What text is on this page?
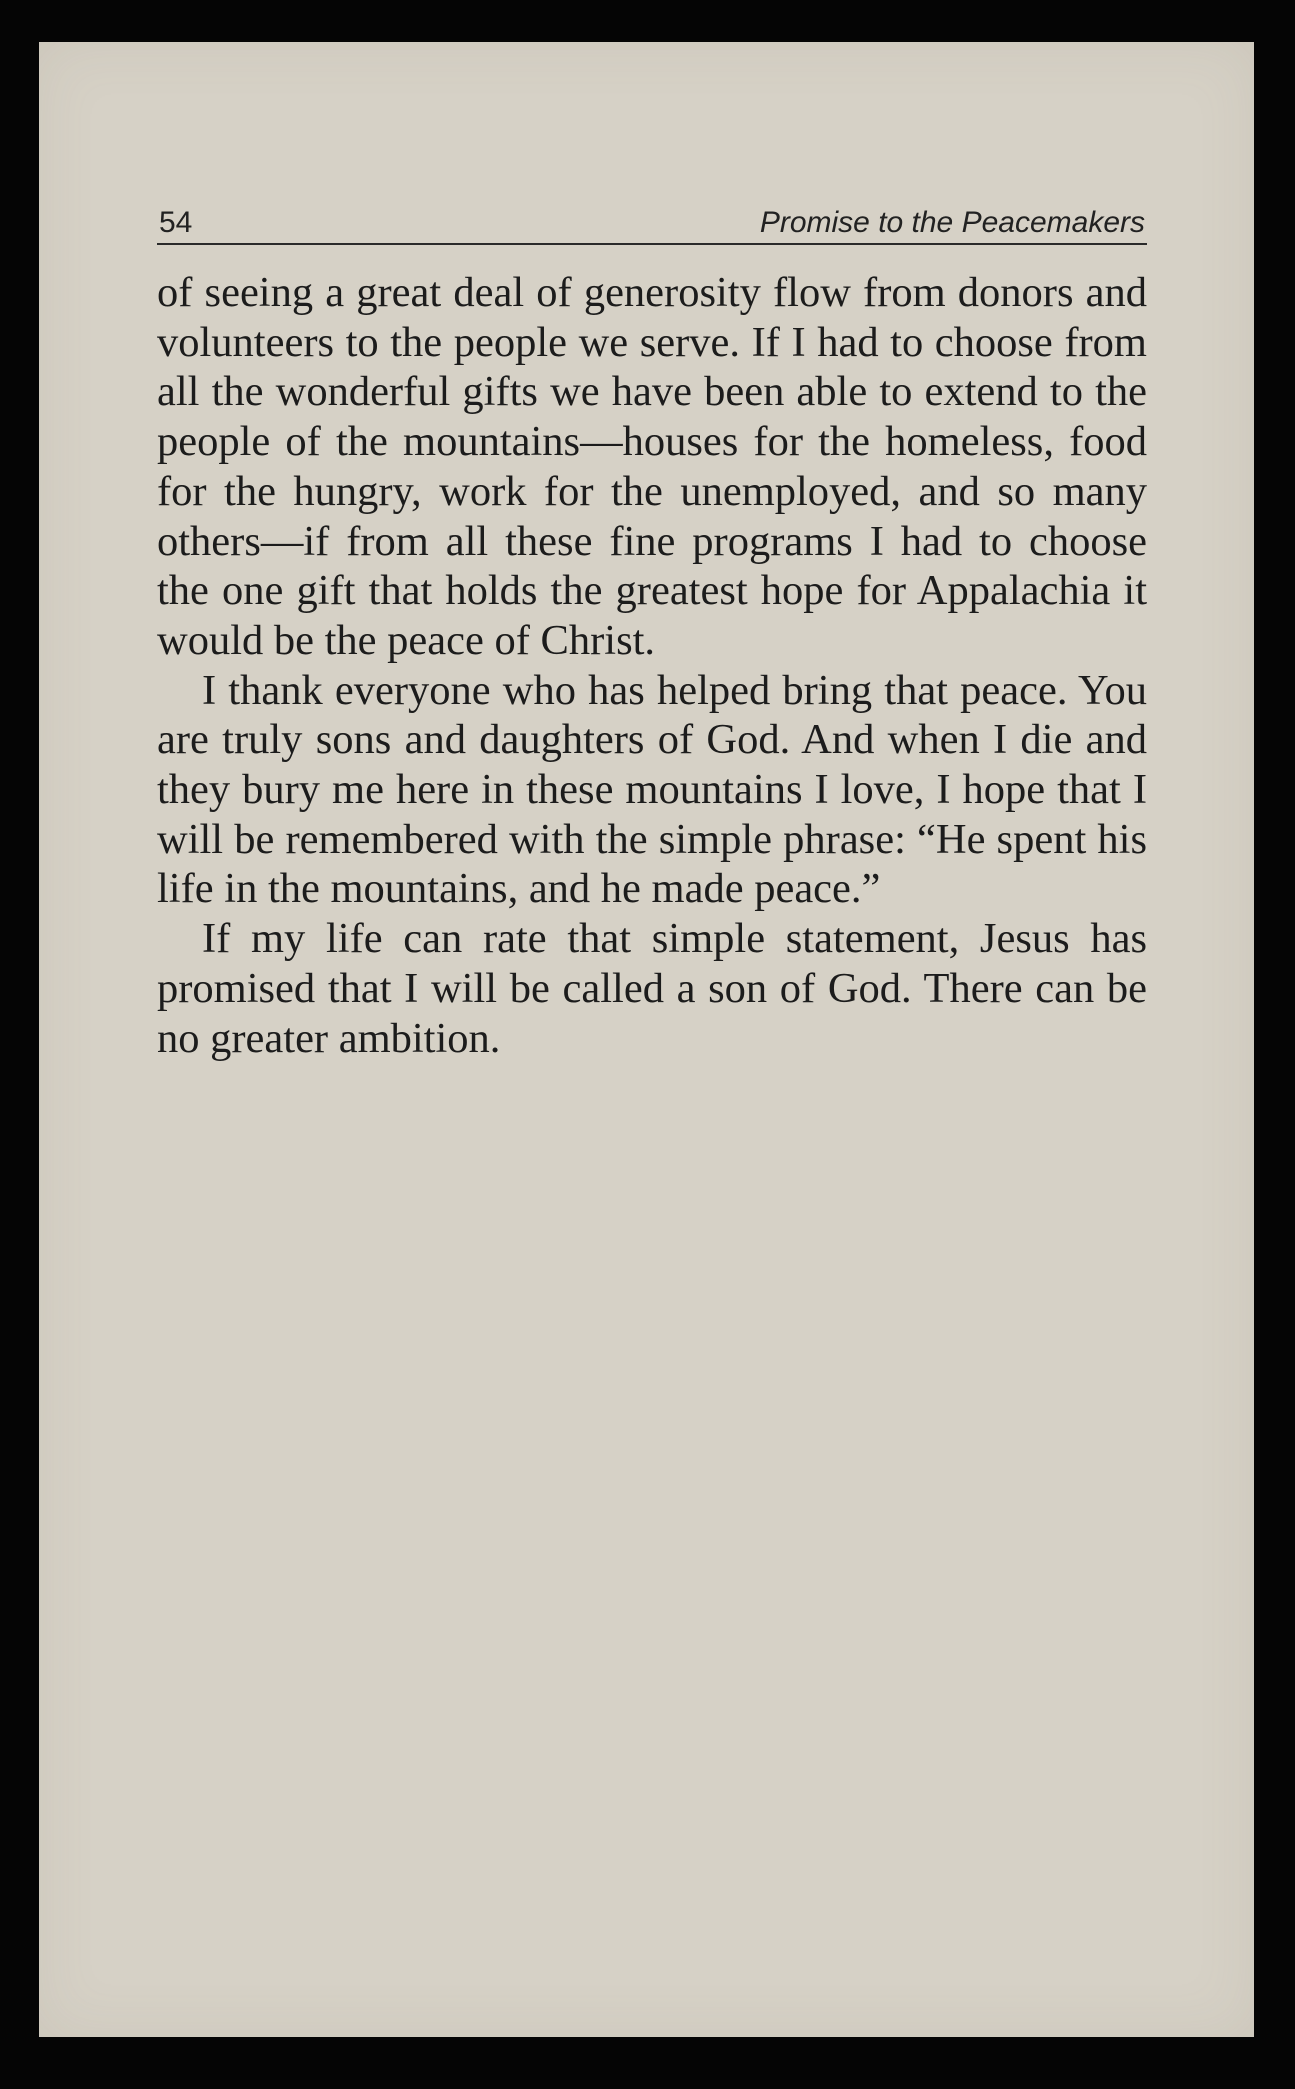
54	Promise to the Peacemakers

of seeing a great deal of generosity flow from donors and volunteers to the people we serve. If I had to choose from all the wonderful gifts we have been able to extend to the people of the mountains—houses for the homeless, food for the hungry, work for the unemployed, and so many others—if from all these fine programs I had to choose the one gift that holds the greatest hope for Appalachia it would be the peace of Christ.

I thank everyone who has helped bring that peace. You are truly sons and daughters of God. And when I die and they bury me here in these mountains I love, I hope that I will be remembered with the simple phrase: “He spent his life in the mountains, and he made peace.”

If my life can rate that simple statement, Jesus has promised that I will be called a son of God. There can be no greater ambition.
